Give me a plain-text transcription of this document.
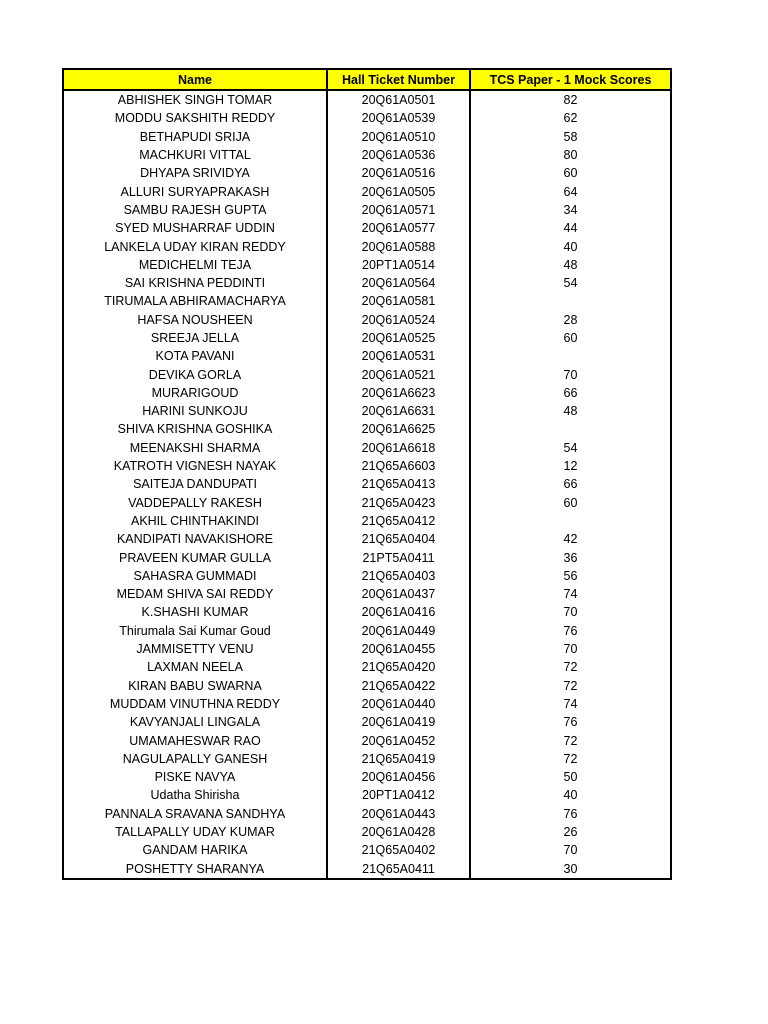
Name	Hall Ticket Number	TCS Paper - 1 Mock Scores
ABHISHEK SINGH TOMAR	20Q61A0501	82
MODDU SAKSHITH REDDY	20Q61A0539	62
BETHAPUDI SRIJA	20Q61A0510	58
MACHKURI VITTAL	20Q61A0536	80
DHYAPA SRIVIDYA	20Q61A0516	60
ALLURI SURYAPRAKASH	20Q61A0505	64
SAMBU RAJESH GUPTA	20Q61A0571	34
SYED MUSHARRAF UDDIN	20Q61A0577	44
LANKELA UDAY KIRAN REDDY	20Q61A0588	40
MEDICHELMI TEJA	20PT1A0514	48
SAI KRISHNA PEDDINTI	20Q61A0564	54
TIRUMALA ABHIRAMACHARYA	20Q61A0581	
HAFSA NOUSHEEN	20Q61A0524	28
SREEJA JELLA	20Q61A0525	60
KOTA PAVANI	20Q61A0531	
DEVIKA GORLA	20Q61A0521	70
MURARIGOUD	20Q61A6623	66
HARINI SUNKOJU	20Q61A6631	48
SHIVA KRISHNA GOSHIKA	20Q61A6625	
MEENAKSHI SHARMA	20Q61A6618	54
KATROTH VIGNESH NAYAK	21Q65A6603	12
SAITEJA DANDUPATI	21Q65A0413	66
VADDEPALLY RAKESH	21Q65A0423	60
AKHIL CHINTHAKINDI	21Q65A0412	
KANDIPATI NAVAKISHORE	21Q65A0404	42
PRAVEEN KUMAR GULLA	21PT5A0411	36
SAHASRA GUMMADI	21Q65A0403	56
MEDAM SHIVA SAI REDDY	20Q61A0437	74
K.SHASHI KUMAR	20Q61A0416	70
Thirumala Sai Kumar Goud	20Q61A0449	76
JAMMISETTY VENU	20Q61A0455	70
LAXMAN NEELA	21Q65A0420	72
KIRAN BABU SWARNA	21Q65A0422	72
MUDDAM VINUTHNA REDDY	20Q61A0440	74
KAVYANJALI LINGALA	20Q61A0419	76
UMAMAHESWAR RAO	20Q61A0452	72
NAGULAPALLY GANESH	21Q65A0419	72
PISKE NAVYA	20Q61A0456	50
Udatha Shirisha	20PT1A0412	40
PANNALA SRAVANA SANDHYA	20Q61A0443	76
TALLAPALLY UDAY KUMAR	20Q61A0428	26
GANDAM HARIKA	21Q65A0402	70
POSHETTY SHARANYA	21Q65A0411	30
